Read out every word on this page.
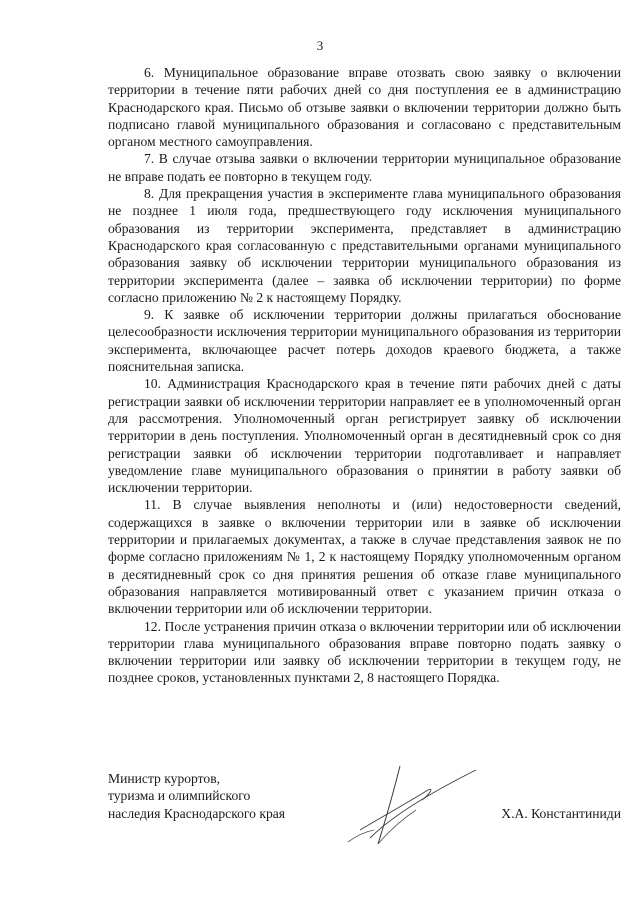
3

6. Муниципальное образование вправе отозвать свою заявку о включении территории в течение пяти рабочих дней со дня поступления ее в администрацию Краснодарского края. Письмо об отзыве заявки о включении территории должно быть подписано главой муниципального образования и согласовано с представительным органом местного самоуправления.

7. В случае отзыва заявки о включении территории муниципальное образование не вправе подать ее повторно в текущем году.

8. Для прекращения участия в эксперименте глава муниципального образования не позднее 1 июля года, предшествующего году исключения муниципального образования из территории эксперимента, представляет в администрацию Краснодарского края согласованную с представительными органами муниципального образования заявку об исключении территории муниципального образования из территории эксперимента (далее – заявка об исключении территории) по форме согласно приложению № 2 к настоящему Порядку.

9. К заявке об исключении территории должны прилагаться обоснование целесообразности исключения территории муниципального образования из территории эксперимента, включающее расчет потерь доходов краевого бюджета, а также пояснительная записка.

10. Администрация Краснодарского края в течение пяти рабочих дней с даты регистрации заявки об исключении территории направляет ее в уполномоченный орган для рассмотрения. Уполномоченный орган регистрирует заявку об исключении территории в день поступления. Уполномоченный орган в десятидневный срок со дня регистрации заявки об исключении территории подготавливает и направляет уведомление главе муниципального образования о принятии в работу заявки об исключении территории.

11. В случае выявления неполноты и (или) недостоверности сведений, содержащихся в заявке о включении территории или в заявке об исключении территории и прилагаемых документах, а также в случае представления заявок не по форме согласно приложениям № 1, 2 к настоящему Порядку уполномоченным органом в десятидневный срок со дня принятия решения об отказе главе муниципального образования направляется мотивированный ответ с указанием причин отказа о включении территории или об исключении территории.

12. После устранения причин отказа о включении территории или об исключении территории глава муниципального образования вправе повторно подать заявку о включении территории или заявку об исключении территории в текущем году, не позднее сроков, установленных пунктами 2, 8 настоящего Порядка.

Министр курортов,
туризма и олимпийского
наследия Краснодарского края	Х.А. Константиниди
